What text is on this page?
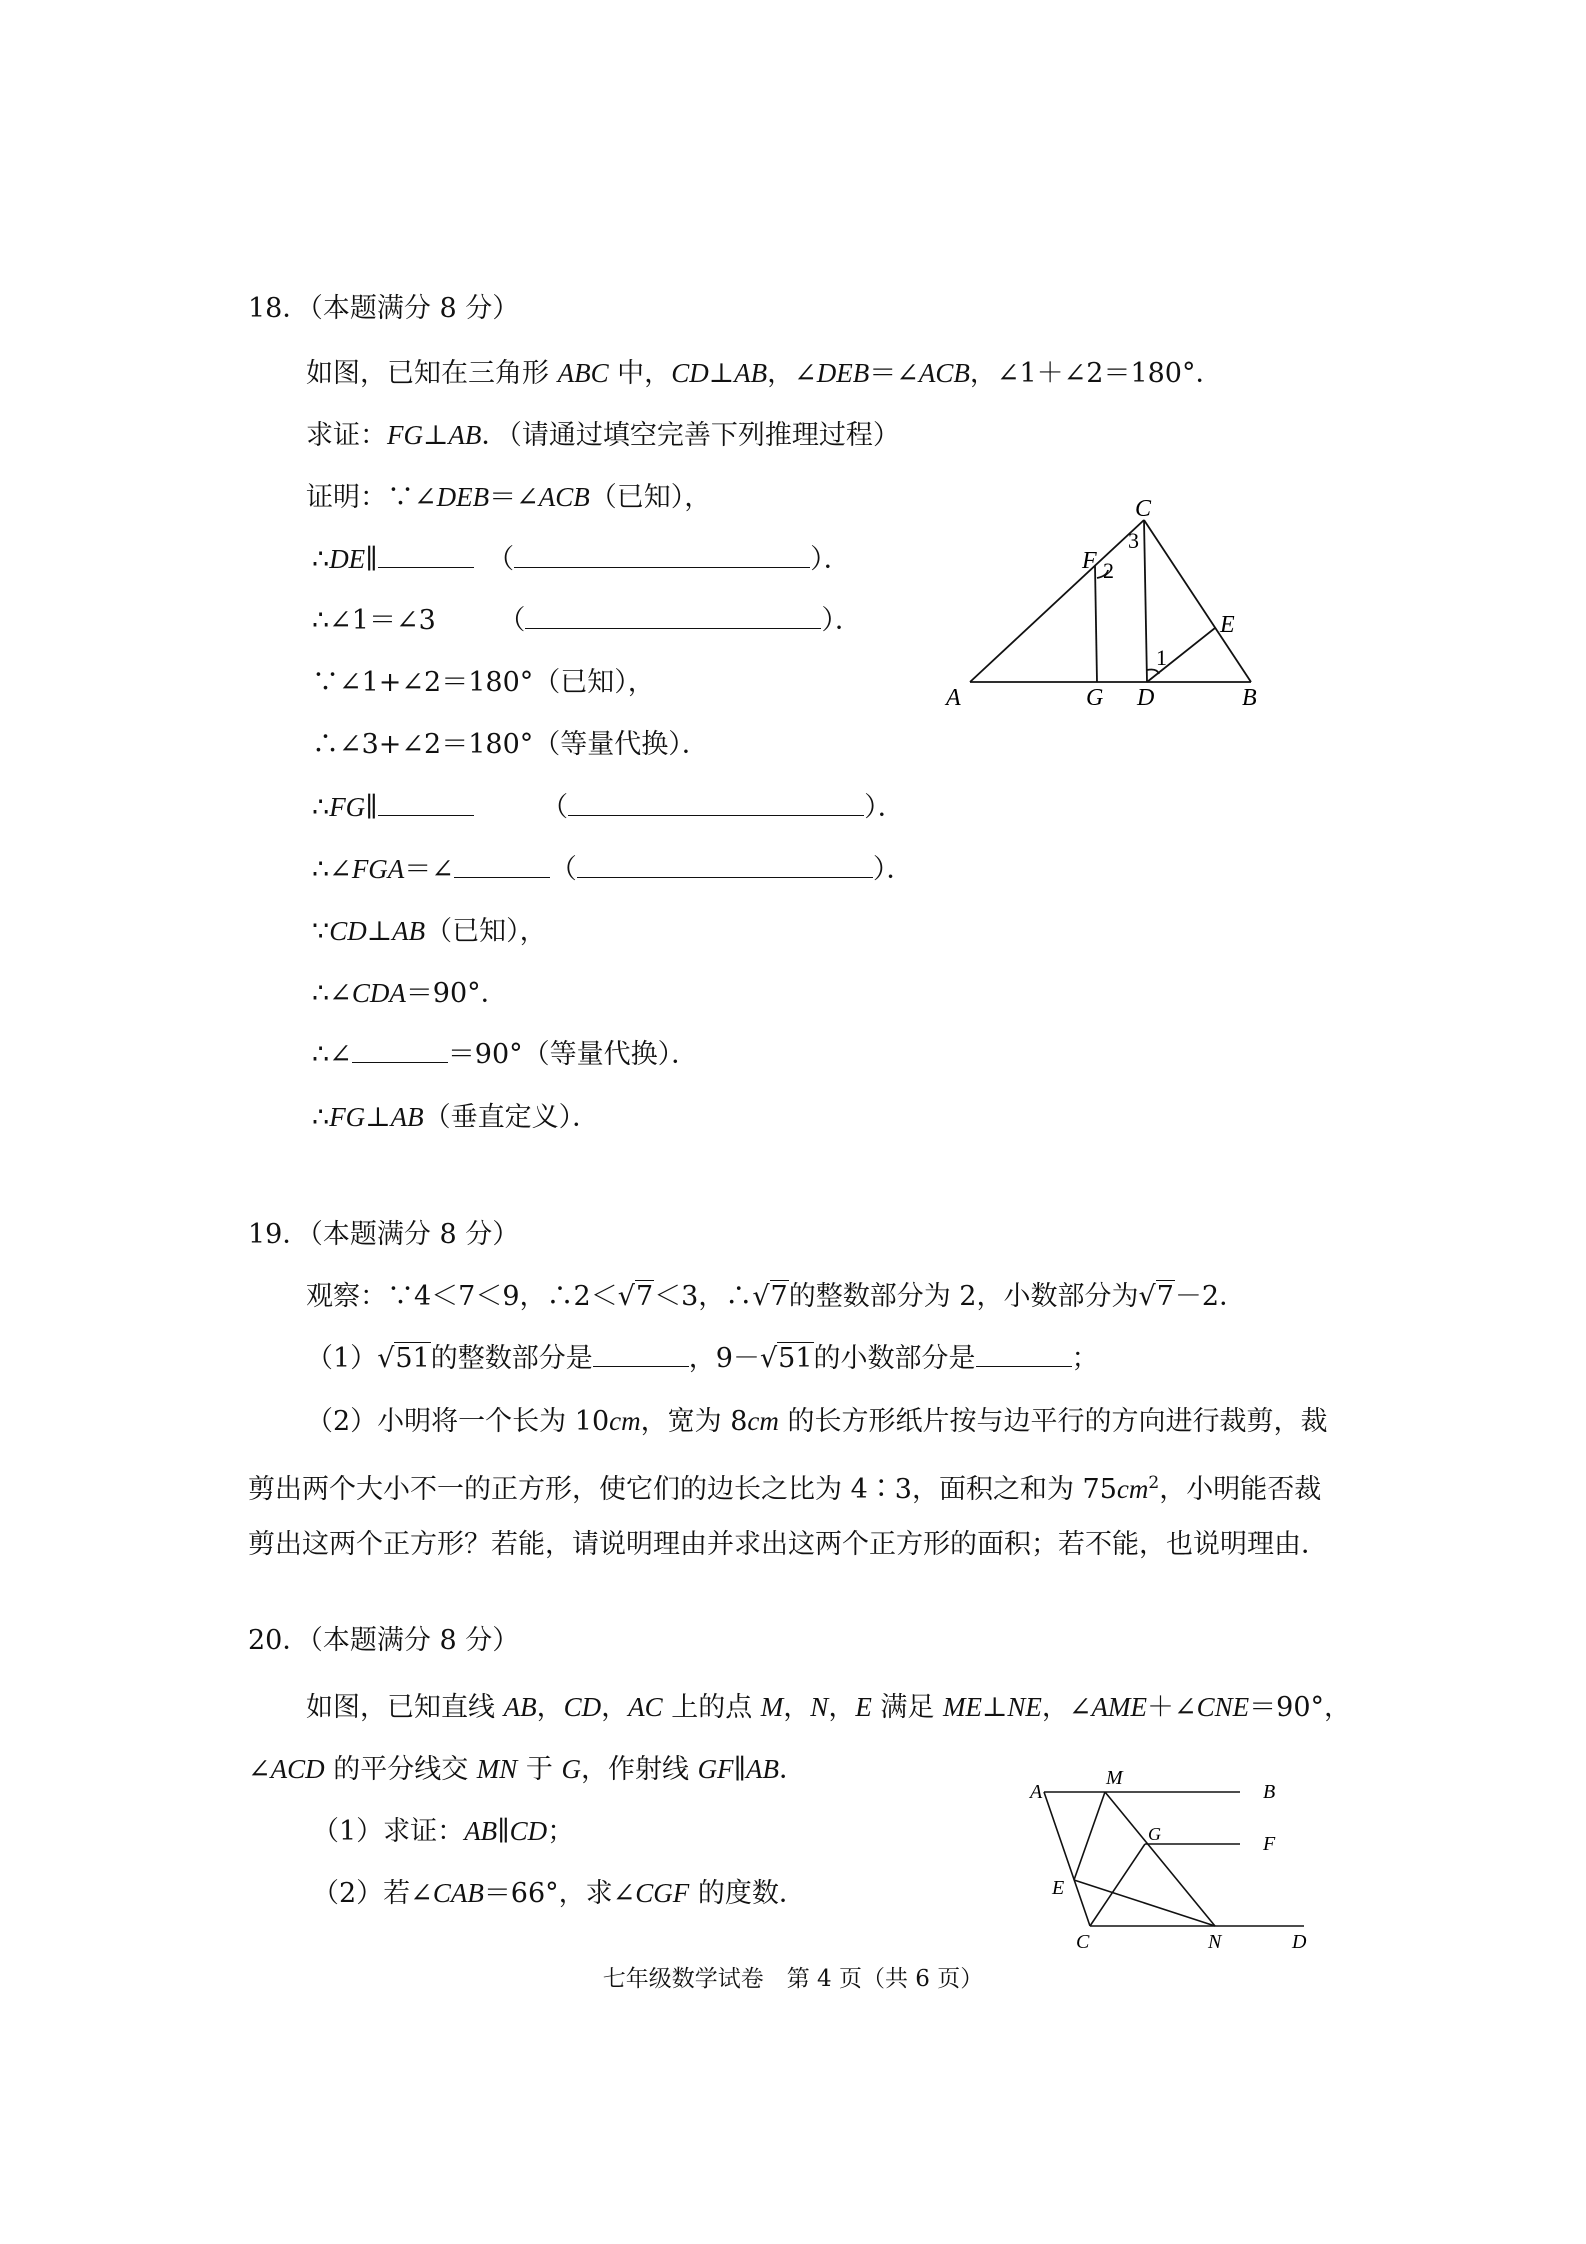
18．（本题满分 8 分）
如图，已知在三角形 ABC 中，CD⊥AB，∠DEB＝∠ACB，∠1＋∠2＝180°．
求证：FG⊥AB．（请通过填空完善下列推理过程）
证明：∵∠DEB＝∠ACB（已知），
∴DE∥	　（	）．
∴∠1＝∠3　　 （	）．
∵∠1+∠2＝180°（已知），
∴∠3+∠2＝180°（等量代换）．
∴FG∥	　　　（	）．
∴∠FGA＝∠	（	）．
∵CD⊥AB（已知），
∴∠CDA＝90°．
∴∠	＝90°（等量代换）．
∴FG⊥AB（垂直定义）．
C
F
E
A	G D	B
3
2
1
19．（本题满分 8 分）
观察：∵4＜7＜9，∴2＜√7＜3，∴√7的整数部分为 2，小数部分为√7－2．
（1）√51的整数部分是	，9－√51的小数部分是	；
（2）小明将一个长为 10cm，宽为 8cm 的长方形纸片按与边平行的方向进行裁剪，裁
剪出两个大小不一的正方形，使它们的边长之比为 4∶3，面积之和为 $75cm^2$，小明能否裁
剪出这两个正方形？若能，请说明理由并求出这两个正方形的面积；若不能，也说明理由．
20．（本题满分 8 分）
如图，已知直线 AB，CD，AC 上的点 M，N，E 满足 ME⊥NE，∠AME＋∠CNE＝90°，
∠ACD 的平分线交 MN 于 G，作射线 GF∥AB．
（1）求证：AB∥CD；
（2）若∠CAB＝66°，求∠CGF 的度数．
A
M
B
G	F
E
C	N	D
七年级数学试卷　第 4 页（共 6 页）
